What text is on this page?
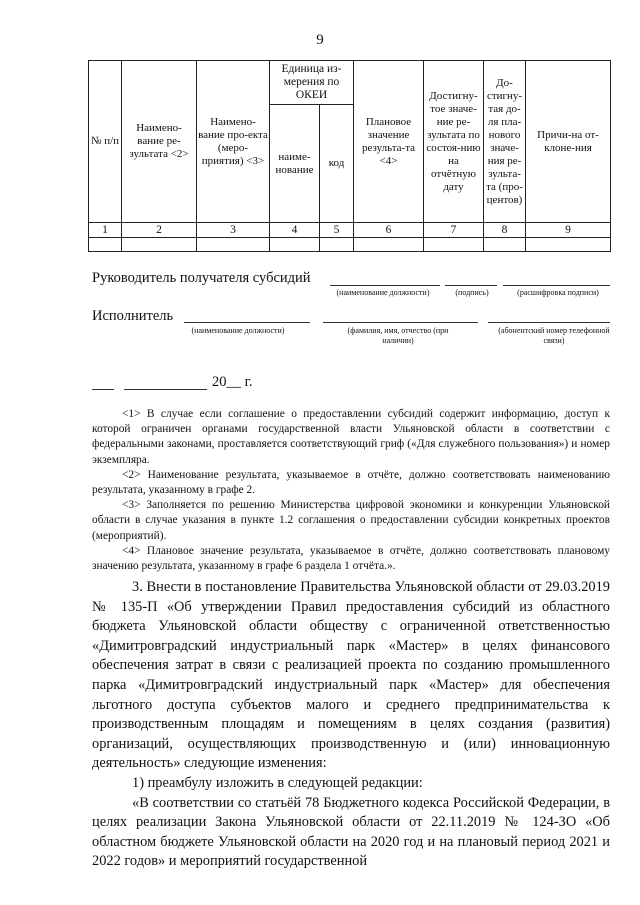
9
№ п/п	Наимено-вание ре-зультата <2>	Наимено-вание про-екта (меро-приятия) <3>	Единица из-мерения по ОКЕИ		Плановое значение результа-та <4>	Достигну-тое значе-ние ре-зультата по состоя-нию на отчётную дату	До-стигну-тая до-ля пла-нового значе-ния ре-зульта-та (про-центов)	Причи-на от-клоне-ния
			наиме-нование	код				
1	2	3	4	5	6	7	8	9

Руководитель получателя субсидий
(наименование должности)	(подпись)	(расшифровка подписи)
Исполнитель
(наименование должности)	(фамилия, имя, отчество (при наличии)
(абонентский номер телефонной связи)
20__ г.

<1> В случае если соглашение о предоставлении субсидий содержит информацию, доступ к которой ограничен органами государственной власти Ульяновской области в соответствии с федеральными законами, проставляется соответствующий гриф («Для служебного пользования») и номер экземпляра.

<2> Наименование результата, указываемое в отчёте, должно соответствовать наименованию результата, указанному в графе 2.

<3> Заполняется по решению Министерства цифровой экономики и конкуренции Ульяновской области в случае указания в пункте 1.2 соглашения о предоставлении субсидии конкретных проектов (мероприятий).

<4> Плановое значение результата, указываемое в отчёте, должно соответствовать плановому значению результата, указанному в графе 6 раздела 1 отчёта.».

3. Внести в постановление Правительства Ульяновской области от 29.03.2019 № 135-П «Об утверждении Правил предоставления субсидий из областного бюджета Ульяновской области обществу с ограниченной ответственностью «Димитровградский индустриальный парк «Мастер» в целях финансового обеспечения затрат в связи с реализацией проекта по созданию промышленного парка «Димитровградский индустриальный парк «Мастер» для обеспечения льготного доступа субъектов малого и среднего предпринимательства к производственным площадям и помещениям в целях создания (развития) организаций, осуществляющих производственную и (или) инновационную деятельность» следующие изменения:

1) преамбулу изложить в следующей редакции:

«В соответствии со статьёй 78 Бюджетного кодекса Российской Федерации, в целях реализации Закона Ульяновской области от 22.11.2019 № 124-ЗО «Об областном бюджете Ульяновской области на 2020 год и на плановый период 2021 и 2022 годов» и мероприятий государственной
